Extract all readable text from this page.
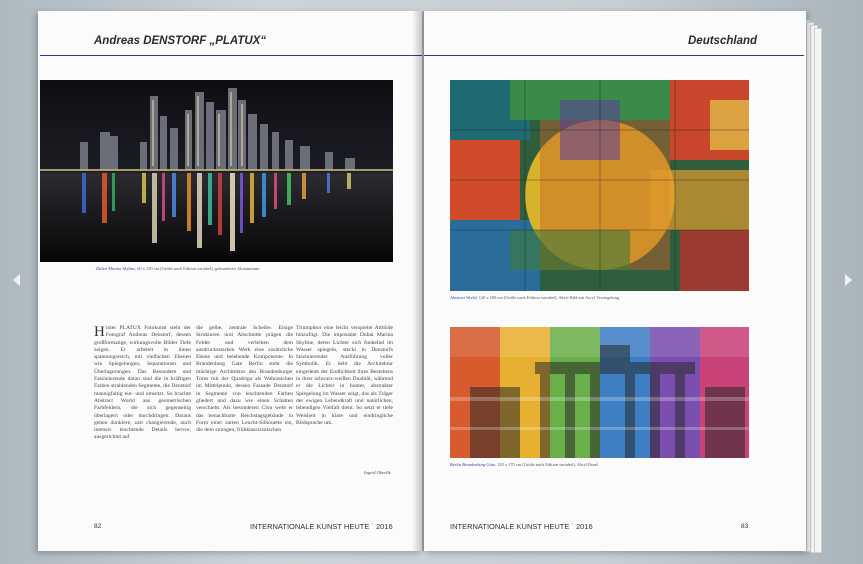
Andreas DENSTORF „PLATUX“
Dubai Marina Skyline, 60 x 150 cm (Größe nach Edition variabel), gelmatterter Alumiunium
Hinter PLATUX Fotokunst steht der Fotograf Andreas Denstorf, dessen großformatige, wirkungsvolle Bilder Tiefe zeigen. Er arbeitet in ihnen spannungsreich, mit vielfachen Ebenen wie Spiegelungen, Separationen und Überlagerungen. Das Besondere und Faszinierende daran sind die in kräftigen Farben strahlenden Segmente, die Denstorf mannigfaltig ein- und umsetzt. So brachte Abstract World aus geometrischen Farbfeldern, die sich gegenseitig überlagern oder durchdringen. Daraus gehen dunklere, zart changierende, auch intensiv leuchtende Details hervor, ausgerichtet auf
die gelbe, zentrale Scheibe. Einige Strukturen und Abschnitte prägen die Felder und verleihen dem ausdrucksstarken Werk eine zusätzliche Ebene und belebende Komponente. In Brandenburg Gate Berlin steht die mächtige Architektur des Brandenburger Tores mit der Quadriga als Wahrzeichen im Mittelpunkt, dessen Fassade Denstorf in Segmente von leuchtenden Farben gliedert und dazu wie einen Schatten verschiebt. Als besonderen Clou webt er das benachbarte Reichstagsgebäude in Form einer zarten Leucht-Silhouette ein, die dem strengen, frühklassizistischen
Triumphtor eine leicht verspielte Attitüde hinzufügt. Die imposante Dubai Marina Skyline, deren Lichter sich funkelnd im Wasser spiegeln, steckt in Denstorfs faszinierender Ausführung voller Symbolik. Er hebt die Architektur eingedenk der Endlichkeit ihres Bestehens in ihrer schwarz-weißen Dualität, während er die Lichter in bunter, abstrakter Spiegelung im Wasser zeigt, das als Träger der ewigen Lebendkraft und natürlichen, lebendigen Vielfalt dient. So setzt er tiefe Weisheit in klare und eindringliche Bildsprache um.
Ingrid Oberlik
82	INTERNATIONALE KUNST HEUTE ˙ 2016
Deutschland
Abstract World, 120 x 180 cm (Größe nach Edition variabel), Akryl Bild mit Acryl Versiegelung
Berlin Brandenburg Gate, 120 x 170 cm (Größe nach Edition variabel), Akryl Panel
INTERNATIONALE KUNST HEUTE ˙ 2016	83
